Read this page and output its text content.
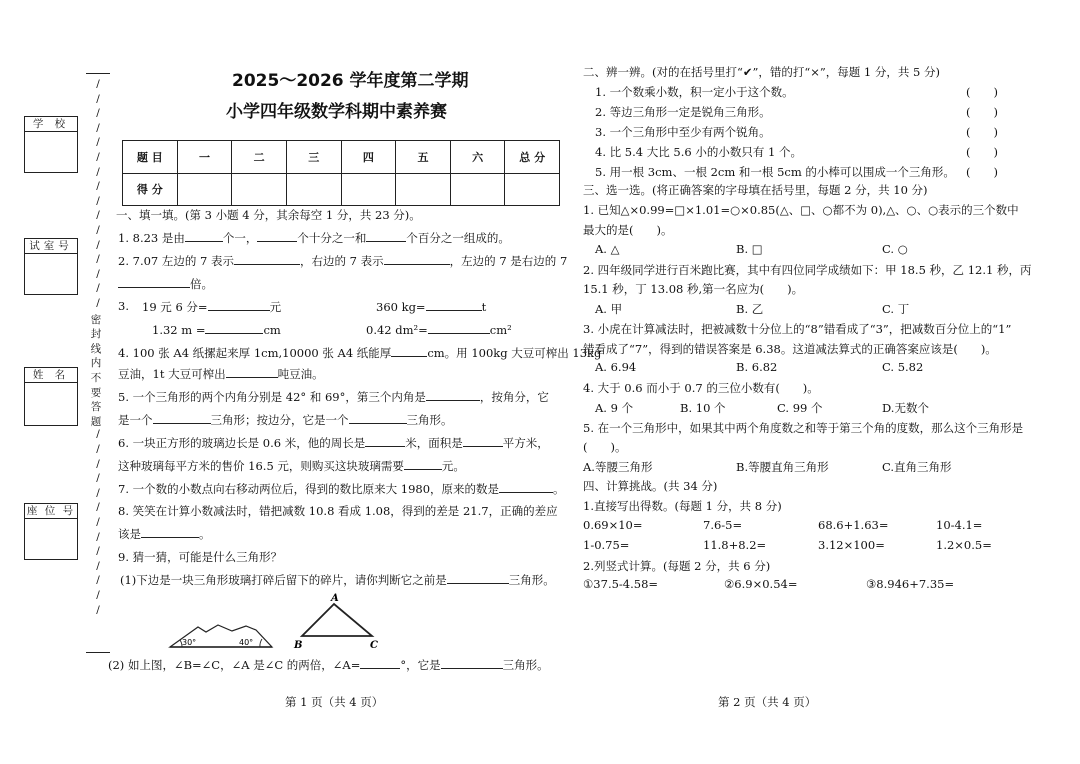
/
/
/
/
/
/
/
/
/
/
/
/
/
/
/
/
密
封
线
内
不
要
答
题
/
/
/
/
/
/
/
/
/
/
/
/
/
学 校
试室号
姓 名
座 位 号
2025～2026 学年度第二学期
小学四年级数学科期中素养赛
题 目	一	二	三	四	五	六	总 分
得 分							
一、填一填。(第 3 小题 4 分，其余每空 1 分，共 23 分)。
1. 8.23 是由	个一，	个十分之一和	个百分之一组成的。
2. 7.07 左边的 7 表示	，右边的 7 表示	，左边的 7 是右边的 7
倍。
3. 19 元 6 分=	元	360 kg=	t
1.32 m =	cm	0.42 dm²=	cm²
4. 100 张 A4 纸摞起来厚 1cm,10000 张 A4 纸能厚	cm。用 100kg 大豆可榨出 13kg
豆油，1t 大豆可榨出	吨豆油。
5. 一个三角形的两个内角分别是 42° 和 69°，第三个内角是	，按角分，它
是一个	三角形；按边分，它是一个	三角形。
6. 一块正方形的玻璃边长是 0.6 米，他的周长是	米，面积是	平方米，
这种玻璃每平方米的售价 16.5 元，则购买这块玻璃需要	元。
7. 一个数的小数点向右移动两位后，得到的数比原来大 1980，原来的数是	。
8. 笑笑在计算小数减法时，错把减数 10.8 看成 1.08，得到的差是 21.7，正确的差应
该是	。
9. 猜一猜，可能是什么三角形？
(1)下边是一块三角形玻璃打碎后留下的碎片，请你判断它之前是	三角形。
30°	40°
A
B	C
(2) 如上图，∠B=∠C，∠A 是∠C 的两倍，∠A=	°，它是	三角形。
第 1 页（共 4 页）
二、辨一辨。(对的在括号里打“✔”，错的打“×”，每题 1 分，共 5 分)
1. 一个数乘小数，积一定小于这个数。	(　　)
2. 等边三角形一定是锐角三角形。	(　　)
3. 一个三角形中至少有两个锐角。	(　　)
4. 比 5.4 大比 5.6 小的小数只有 1 个。	(　　)
5. 用一根 3cm、一根 2cm 和一根 5cm 的小棒可以围成一个三角形。 (　　)
三、选一选。(将正确答案的字母填在括号里，每题 2 分，共 10 分)
1. 已知△×0.99=□×1.01=○×0.85(△、□、○都不为 0),△、○、○表示的三个数中
最大的是(　　)。
A. △	B. □	C. ○
2. 四年级同学进行百米跑比赛，其中有四位同学成绩如下：甲 18.5 秒，乙 12.1 秒，丙
15.1 秒，丁 13.08 秒,第一名应为(　　)。
A. 甲	B. 乙	C. 丁
3. 小虎在计算减法时，把被减数十分位上的“8”错看成了“3”，把减数百分位上的“1”
错看成了“7”，得到的错误答案是 6.38。这道减法算式的正确答案应该是(　　)。
A. 6.94	B. 6.82	C. 5.82
4. 大于 0.6 而小于 0.7 的三位小数有(　　)。
A. 9 个	B. 10 个	C. 99 个	D.无数个
5. 在一个三角形中，如果其中两个角度数之和等于第三个角的度数，那么这个三角形是
(　　)。
A.等腰三角形	B.等腰直角三角形	C.直角三角形
四、计算挑战。(共 34 分)
1.直接写出得数。(每题 1 分，共 8 分)
0.69×10=	7.6-5=	68.6+1.63=	10-4.1=
1-0.75=	11.8+8.2=	3.12×100=	1.2×0.5=
2.列竖式计算。(每题 2 分，共 6 分)
①37.5-4.58=	②6.9×0.54=	③8.946+7.35=
第 2 页（共 4 页）
